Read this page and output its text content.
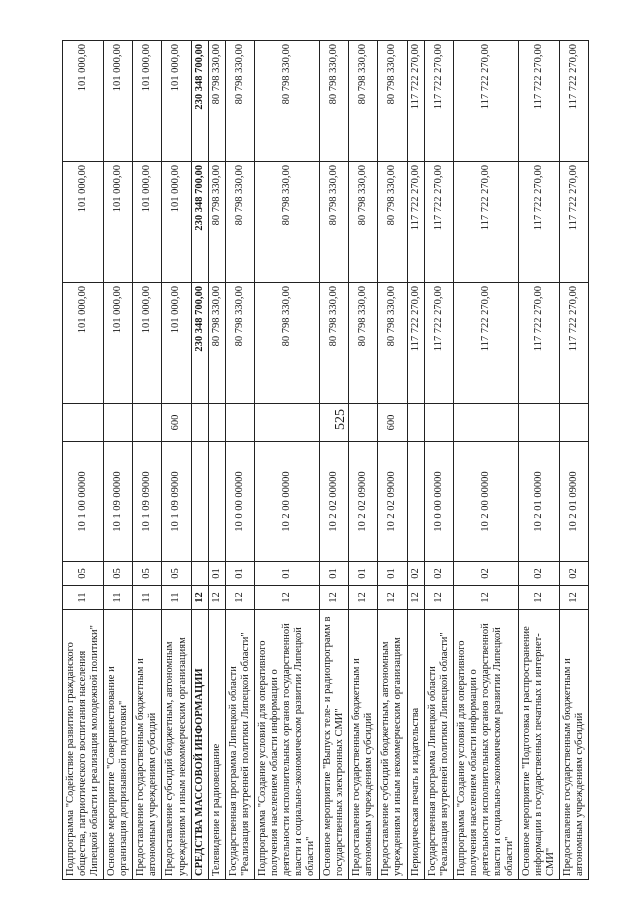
525
Подпрограмма "Содействие развитию гражданского общества, патриотического воспитания населения Липецкой области и реализация молодежной политики"	11	05	10 1 00 00000		101 000,00	101 000,00	101 000,00
Основное мероприятие "Совершенствование и организация допризывной подготовки"	11	05	10 1 09 00000		101 000,00	101 000,00	101 000,00
Предоставление государственным бюджетным и автономным учреждениям субсидий	11	05	10 1 09 09000		101 000,00	101 000,00	101 000,00
Предоставление субсидий бюджетным, автономным учреждениям и иным некоммерческим организациям	11	05	10 1 09 09000	600	101 000,00	101 000,00	101 000,00
СРЕДСТВА МАССОВОЙ ИНФОРМАЦИИ	12				230 348 700,00	230 348 700,00	230 348 700,00
Телевидение и радиовещание	12	01			80 798 330,00	80 798 330,00	80 798 330,00
Государственная программа Липецкой области "Реализация внутренней политики Липецкой области"	12	01	10 0 00 00000		80 798 330,00	80 798 330,00	80 798 330,00
Подпрограмма "Создание условий для оперативного получения населением области информации о деятельности исполнительных органов государственной власти и социально-экономическом развитии Липецкой области"	12	01	10 2 00 00000		80 798 330,00	80 798 330,00	80 798 330,00
Основное мероприятие "Выпуск теле- и радиопрограмм в государственных электронных СМИ"	12	01	10 2 02 00000		80 798 330,00	80 798 330,00	80 798 330,00
Предоставление государственным бюджетным и автономным учреждениям субсидий	12	01	10 2 02 09000		80 798 330,00	80 798 330,00	80 798 330,00
Предоставление субсидий бюджетным, автономным учреждениям и иным некоммерческим организациям	12	01	10 2 02 09000	600	80 798 330,00	80 798 330,00	80 798 330,00
Периодическая печать и издательства	12	02			117 722 270,00	117 722 270,00	117 722 270,00
Государственная программа Липецкой области "Реализация внутренней политики Липецкой области"	12	02	10 0 00 00000		117 722 270,00	117 722 270,00	117 722 270,00
Подпрограмма "Создание условий для оперативного получения населением области информации о деятельности исполнительных органов государственной власти и социально-экономическом развитии Липецкой области"	12	02	10 2 00 00000		117 722 270,00	117 722 270,00	117 722 270,00
Основное мероприятие "Подготовка и распространение информации в государственных печатных и интернет-СМИ"	12	02	10 2 01 00000		117 722 270,00	117 722 270,00	117 722 270,00
Предоставление государственным бюджетным и автономным учреждениям субсидий	12	02	10 2 01 09000		117 722 270,00	117 722 270,00	117 722 270,00
